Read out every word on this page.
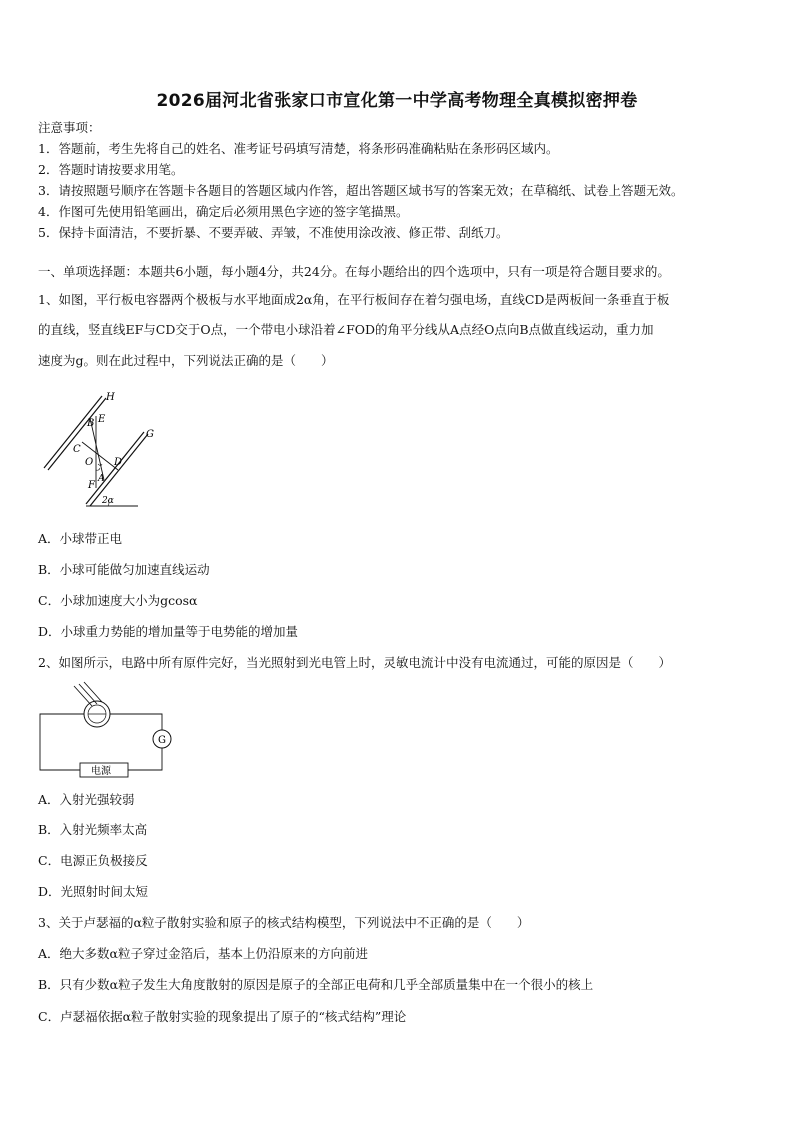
2026届河北省张家口市宣化第一中学高考物理全真模拟密押卷
注意事项：
1．答题前，考生先将自己的姓名、准考证号码填写清楚，将条形码准确粘贴在条形码区域内。
2．答题时请按要求用笔。
3．请按照题号顺序在答题卡各题目的答题区域内作答，超出答题区域书写的答案无效；在草稿纸、试卷上答题无效。
4．作图可先使用铅笔画出，确定后必须用黑色字迹的签字笔描黑。
5．保持卡面清洁，不要折暴、不要弄破、弄皱，不准使用涂改液、修正带、刮纸刀。
一、单项选择题：本题共6小题，每小题4分，共24分。在每小题给出的四个选项中，只有一项是符合题目要求的。
1、如图，平行板电容器两个极板与水平地面成2α角，在平行板间存在着匀强电场，直线CD是两板间一条垂直于板
的直线，竖直线EF与CD交于O点，一个带电小球沿着∠FOD的角平分线从A点经O点向B点做直线运动，重力加
速度为g。则在此过程中，下列说法正确的是（　　）
H
G
B E
C
O D
F
A
2α
A．小球带正电
B．小球可能做匀加速直线运动
C．小球加速度大小为gcosα
D．小球重力势能的增加量等于电势能的增加量
2、如图所示，电路中所有原件完好，当光照射到光电管上时，灵敏电流计中没有电流通过，可能的原因是（　　）
G
电源
A．入射光强较弱
B．入射光频率太高
C．电源正负极接反
D．光照射时间太短
3、关于卢瑟福的α粒子散射实验和原子的核式结构模型，下列说法中不正确的是（　　）
A．绝大多数α粒子穿过金箔后，基本上仍沿原来的方向前进
B．只有少数α粒子发生大角度散射的原因是原子的全部正电荷和几乎全部质量集中在一个很小的核上
C．卢瑟福依据α粒子散射实验的现象提出了原子的“核式结构”理论
